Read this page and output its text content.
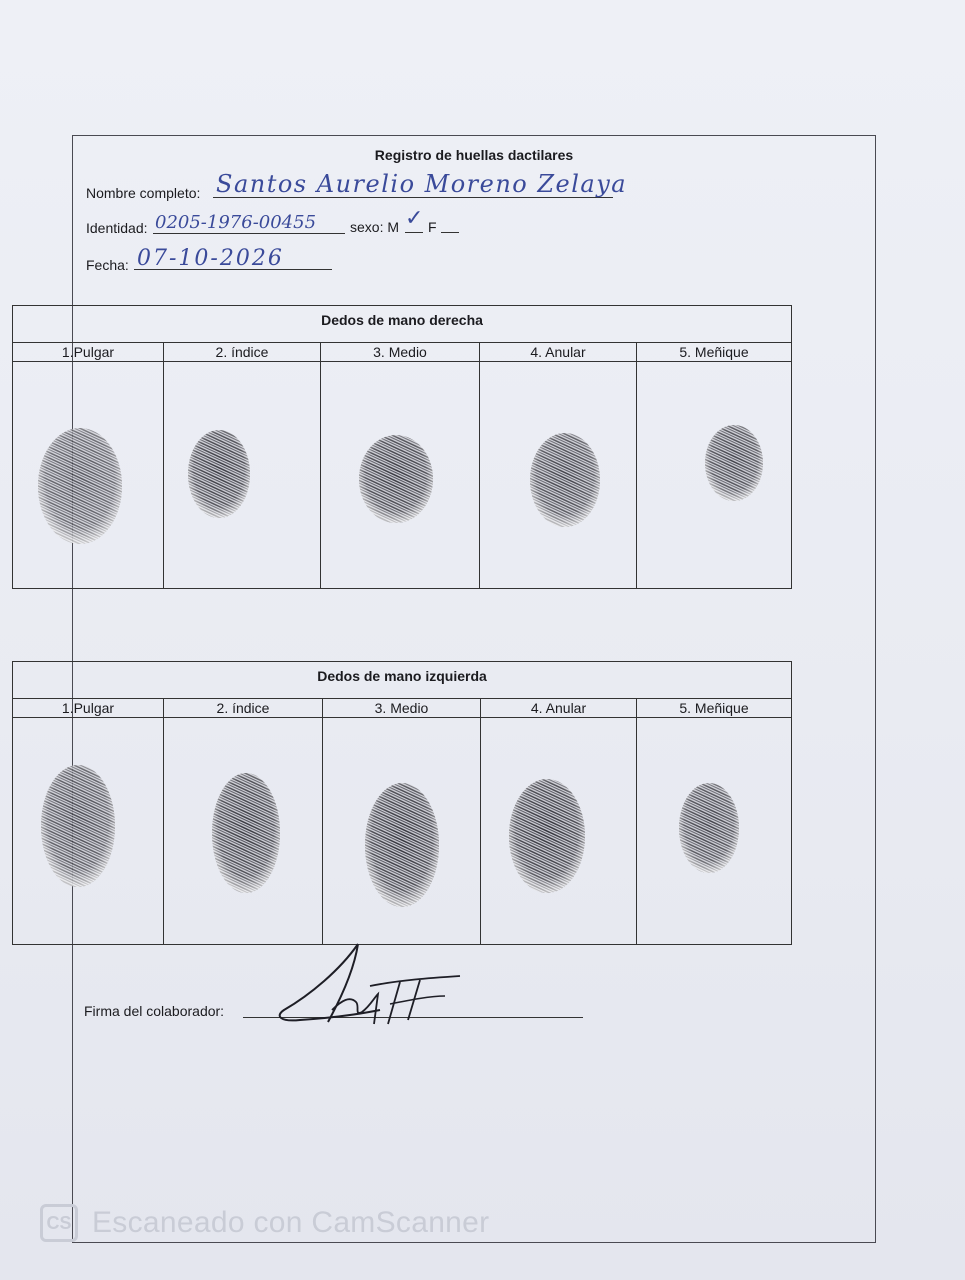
Registro de huellas dactilares
Nombre completo: Santos Aurelio Moreno Zelaya
Identidad: 0205-1976-00455 sexo: M ✓ F
Fecha: 07-10-2026
Dedos de mano derecha
1.Pulgar	2. índice	3. Medio	4. Anular	5. Meñique
Dedos de mano izquierda
1.Pulgar	2. índice	3. Medio	4. Anular	5. Meñique
Firma del colaborador:
CS Escaneado con CamScanner
